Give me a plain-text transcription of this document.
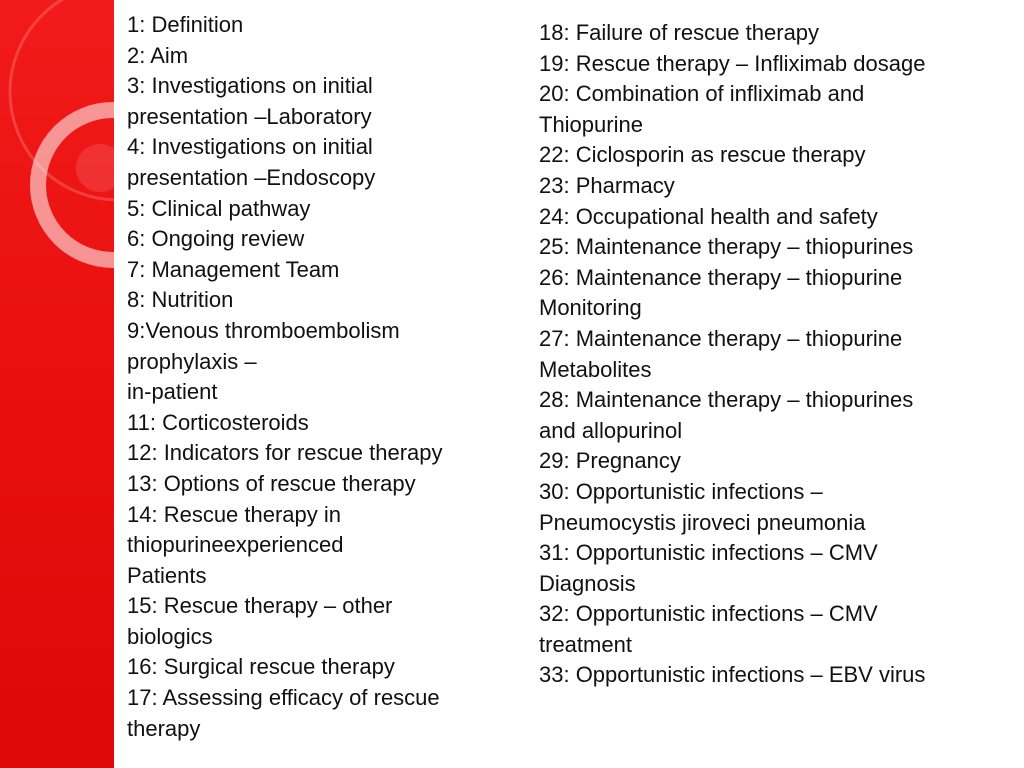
1: Definition
2: Aim
3: Investigations on initial
presentation –Laboratory
4: Investigations on initial
presentation –Endoscopy
5: Clinical pathway
6: Ongoing review
7: Management Team
8: Nutrition
9:Venous thromboembolism
prophylaxis –
in-patient
11: Corticosteroids
12: Indicators for rescue therapy
13: Options of rescue therapy
14: Rescue therapy in
thiopurineexperienced
Patients
15: Rescue therapy – other
biologics
16: Surgical rescue therapy
17: Assessing efficacy of rescue
therapy
18: Failure of rescue therapy
19: Rescue therapy – Infliximab dosage
20: Combination of infliximab and
Thiopurine
22: Ciclosporin as rescue therapy
23: Pharmacy
24: Occupational health and safety
25: Maintenance therapy – thiopurines
26: Maintenance therapy – thiopurine
Monitoring
27: Maintenance therapy – thiopurine
Metabolites
28: Maintenance therapy – thiopurines
and allopurinol
29: Pregnancy
30: Opportunistic infections –
Pneumocystis jiroveci pneumonia
31: Opportunistic infections – CMV
Diagnosis
32: Opportunistic infections – CMV
treatment
33: Opportunistic infections – EBV virus
